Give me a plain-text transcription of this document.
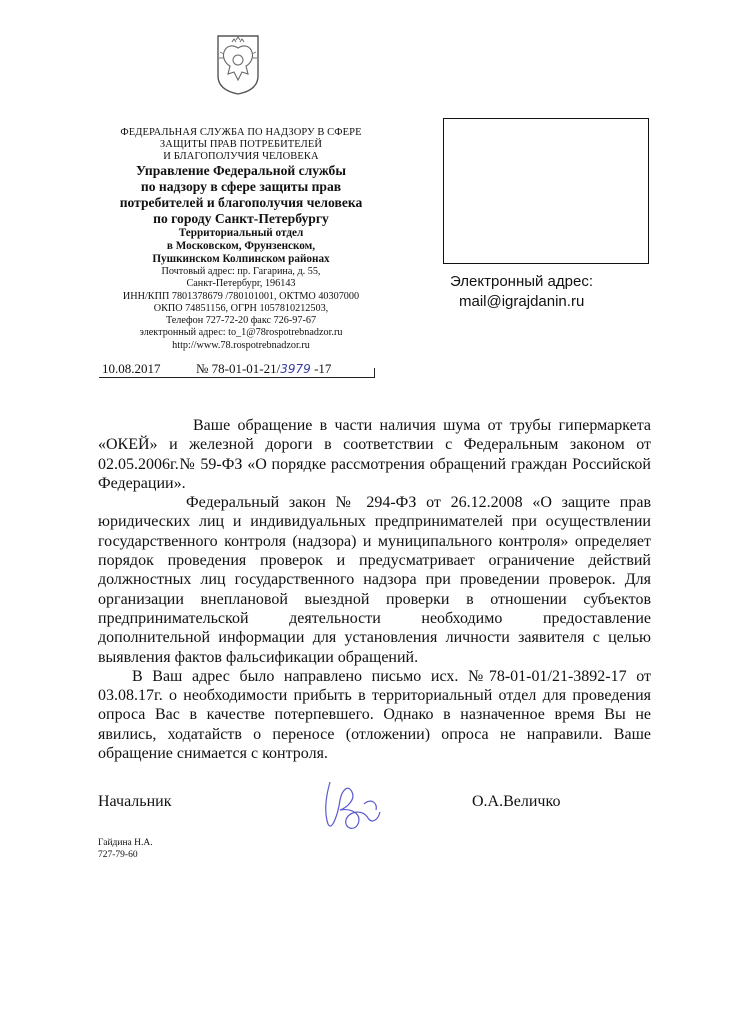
ФЕДЕРАЛЬНАЯ СЛУЖБА ПО НАДЗОРУ В СФЕРЕ
ЗАЩИТЫ ПРАВ ПОТРЕБИТЕЛЕЙ
И БЛАГОПОЛУЧИЯ ЧЕЛОВЕКА
Управление Федеральной службы
по надзору в сфере защиты прав
потребителей и благополучия человека
по городу Санкт-Петербургу
Территориальный отдел
в Московском, Фрунзенском,
Пушкинском Колпинском районах
Почтовый адрес: пр. Гагарина, д. 55,
Санкт-Петербург, 196143
ИНН/КПП 7801378679 /780101001, ОКТМО 40307000
ОКПО 74851156, ОГРН 1057810212503,
Телефон 727-72-20 факс 726-97-67
электронный адрес: to_1@78rospotrebnadzor.ru
http://www.78.rospotrebnadzor.ru
10.08.2017	№ 78-01-01-21/3979 -17
Электронный адрес:
mail@igrajdanin.ru

Ваше обращение в части наличия шума от трубы гипермаркета «ОКЕЙ» и железной дороги в соответствии с Федеральным законом от 02.05.2006г.№ 59-ФЗ «О порядке рассмотрения обращений граждан Российской Федерации».

Федеральный закон № 294-ФЗ от 26.12.2008 «О защите прав юридических лиц и индивидуальных предпринимателей при осуществлении государственного контроля (надзора) и муниципального контроля» определяет порядок проведения проверок и предусматривает ограничение действий должностных лиц государственного надзора при проведении проверок. Для организации внеплановой выездной проверки в отношении субъектов предпринимательской деятельности необходимо предоставление дополнительной информации для установления личности заявителя с целью выявления фактов фальсификации обращений.

В Ваш адрес было направлено письмо исх. №78-01-01/21-3892-17 от 03.08.17г. о необходимости прибыть в территориальный отдел для проведения опроса Вас в качестве потерпевшего. Однако в назначенное время Вы не явились, ходатайств о переносе (отложении) опроса не направили. Ваше обращение снимается с контроля.

Начальник	О.А.Величко
Гайдина Н.А.
727-79-60
